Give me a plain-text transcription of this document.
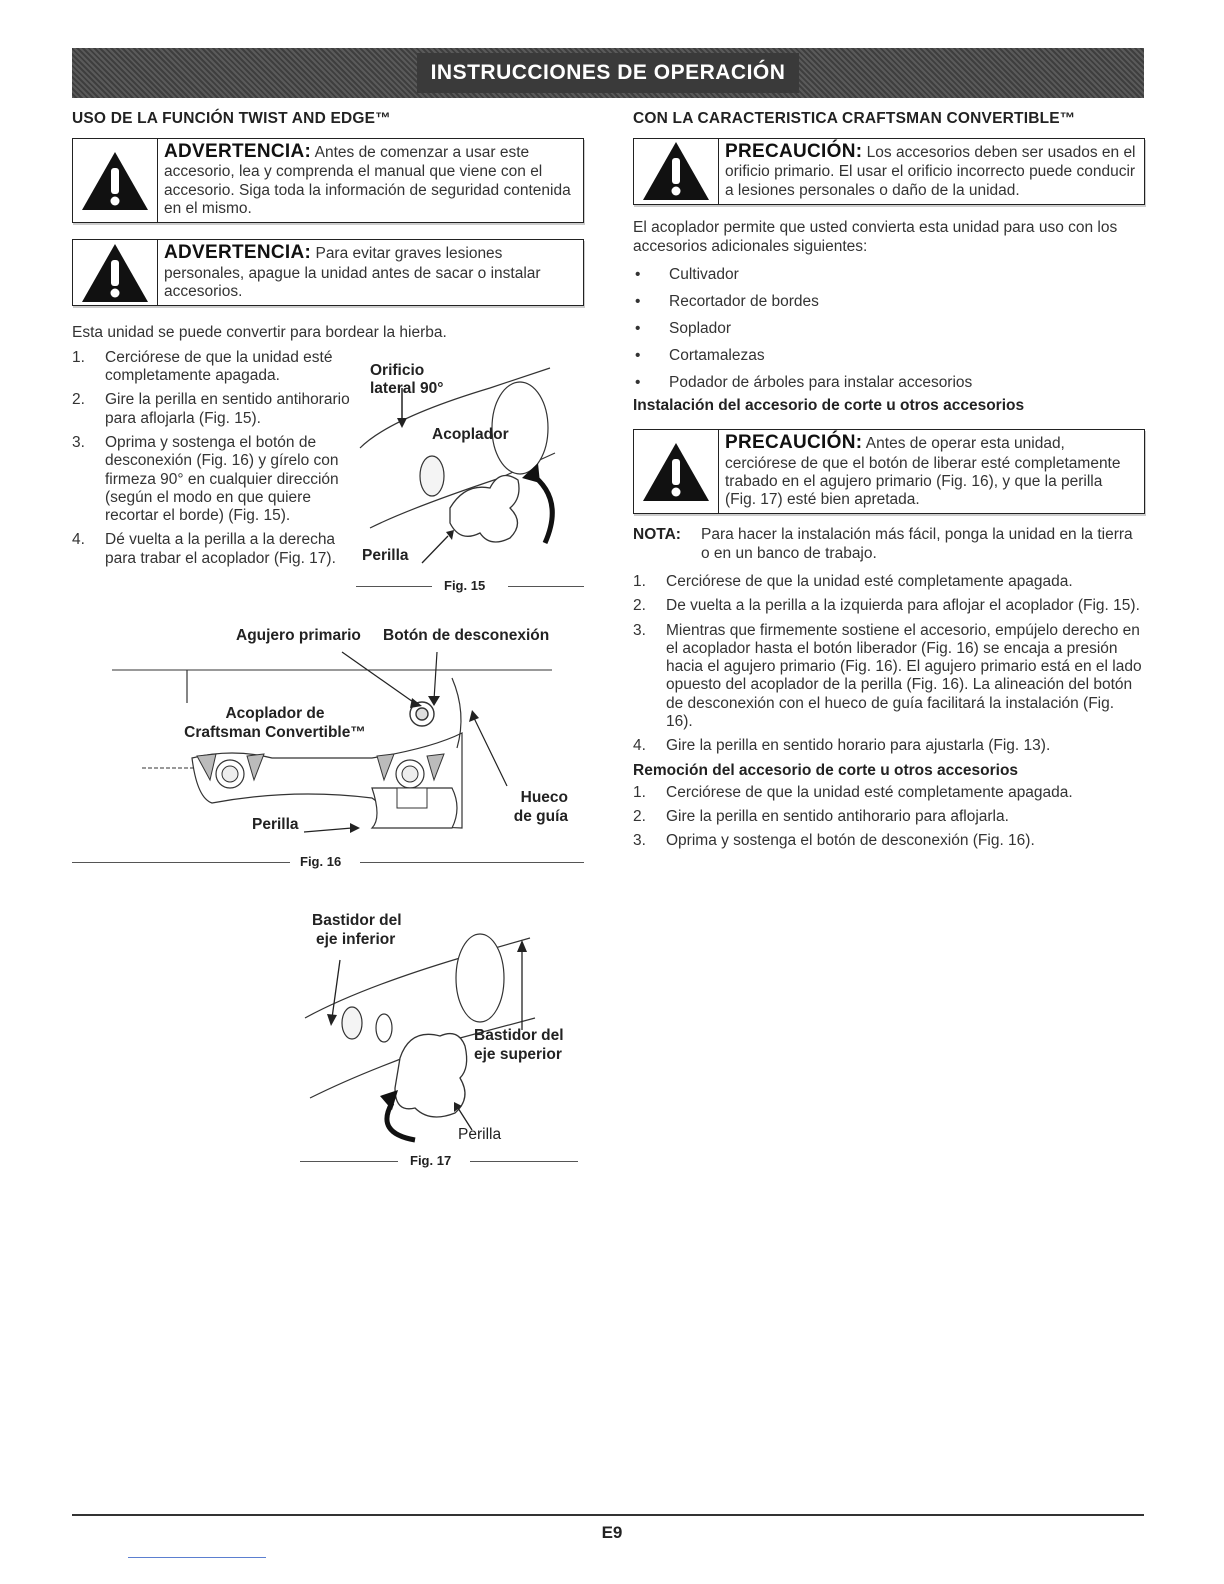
INSTRUCCIONES DE OPERACIÓN
USO DE LA FUNCIÓN TWIST AND EDGE™
ADVERTENCIA: Antes de comenzar a usar este accesorio, lea y comprenda el manual que viene con el accesorio. Siga toda la información de seguridad contenida en el mismo.
ADVERTENCIA: Para evitar graves lesiones personales, apague la unidad antes de sacar o instalar accesorios.

Esta unidad se puede convertir para bordear la hierba.

1.	Cerciórese de que la unidad esté completamente apagada.
2.	Gire la perilla en sentido antihorario para aflojarla (Fig. 15).
3.	Oprima y sostenga el botón de desconexión (Fig. 16) y gírelo con firmeza 90° en cualquier dirección (según el modo en que quiere recortar el borde) (Fig. 15).
4.	Dé vuelta a la perilla a la derecha para trabar el acoplador (Fig. 17).
Orificio
lateral 90°
Acoplador
Perilla
Fig. 15
Agujero primario Botón de desconexión
Acoplador de
Craftsman Convertible™
Hueco
de guía
Perilla
Fig. 16
Bastidor del
eje inferior
Bastidor del
eje superior
Perilla
Fig. 17
CON LA CARACTERISTICA CRAFTSMAN CONVERTIBLE™
PRECAUCIÓN: Los accesorios deben ser usados en el orificio primario. El usar el orificio incorrecto puede conducir a lesiones personales o daño de la unidad.

El acoplador permite que usted convierta esta unidad para uso con los accesorios adicionales siguientes:

•	Cultivador
•	Recortador de bordes
•	Soplador
•	Cortamalezas
•	Podador de árboles para instalar accesorios
Instalación del accesorio de corte u otros accesorios
PRECAUCIÓN: Antes de operar esta unidad, cerciórese de que el botón de liberar esté completamente trabado en el agujero primario (Fig. 16), y que la perilla (Fig. 17) esté bien apretada.
NOTA:	Para hacer la instalación más fácil, ponga la unidad en la tierra o en un banco de trabajo.
1.	Cerciórese de que la unidad esté completamente apagada.
2.	De vuelta a la perilla a la izquierda para aflojar el acoplador (Fig. 15).
3.	Mientras que firmemente sostiene el accesorio, empújelo derecho en el acoplador hasta el botón liberador (Fig. 16) se encaja a presión hacia el agujero primario (Fig. 16). El agujero primario está en el lado opuesto del acoplador de la perilla (Fig. 16). La alineación del botón de desconexión con el hueco de guía facilitará la instalación (Fig. 16).
4.	Gire la perilla en sentido horario para ajustarla (Fig. 13).
Remoción del accesorio de corte u otros accesorios
1.	Cerciórese de que la unidad esté completamente apagada.
2.	Gire la perilla en sentido antihorario para aflojarla.
3.	Oprima y sostenga el botón de desconexión (Fig. 16).
E9
